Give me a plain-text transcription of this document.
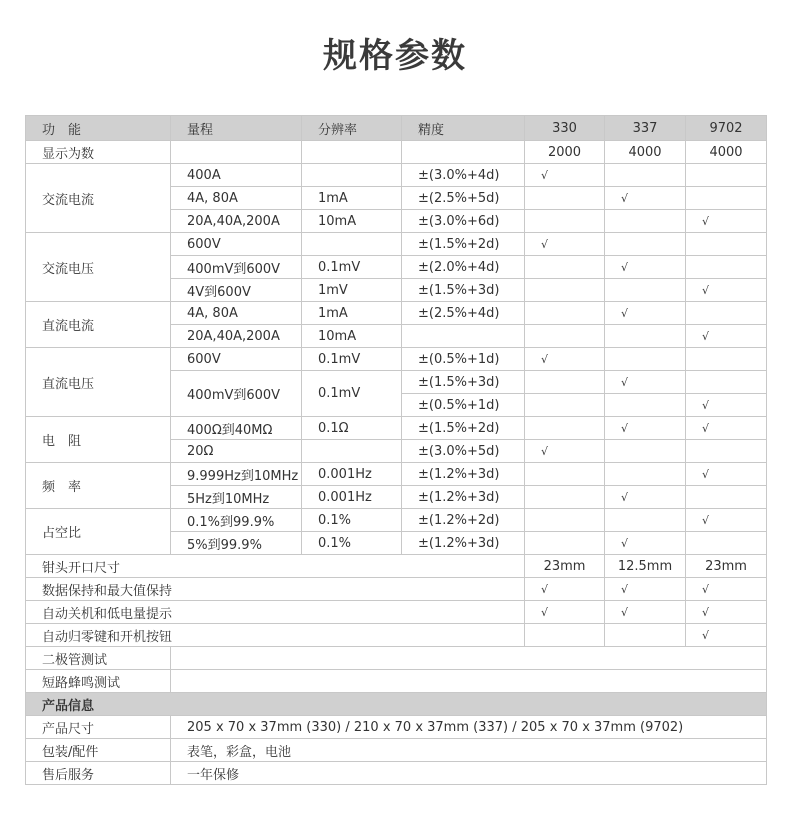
规格参数
功　能	量程	分辨率	精度	330	337	9702
显示为数				2000	4000	4000
交流电流	400A		±(3.0%+4d)	√		
	4A, 80A	1mA	±(2.5%+5d)		√	
	20A,40A,200A	10mA	±(3.0%+6d)			√
交流电压	600V		±(1.5%+2d)	√		
	400mV到600V	0.1mV	±(2.0%+4d)		√	
	4V到600V	1mV	±(1.5%+3d)			√
直流电流	4A, 80A	1mA	±(2.5%+4d)		√	
	20A,40A,200A	10mA				√
直流电压	600V	0.1mV	±(0.5%+1d)	√		
	400mV到600V	0.1mV	±(1.5%+3d)		√	
			±(0.5%+1d)			√
电　阻	400Ω到40MΩ	0.1Ω	±(1.5%+2d)		√	√
	20Ω		±(3.0%+5d)	√		
频　率	9.999Hz到10MHz	0.001Hz	±(1.2%+3d)			√
	5Hz到10MHz	0.001Hz	±(1.2%+3d)		√	
占空比	0.1%到99.9%	0.1%	±(1.2%+2d)			√
	5%到99.9%	0.1%	±(1.2%+3d)		√	
钳头开口尺寸				23mm	12.5mm	23mm
数据保持和最大值保持				√	√	√
自动关机和低电量提示				√	√	√
自动归零键和开机按钮						√
二极管测试						
短路蜂鸣测试						
产品信息						
产品尺寸	205 x 70 x 37mm (330) / 210 x 70 x 37mm (337) / 205 x 70 x 37mm (9702)					
包装/配件	表笔，彩盒，电池					
售后服务	一年保修					
